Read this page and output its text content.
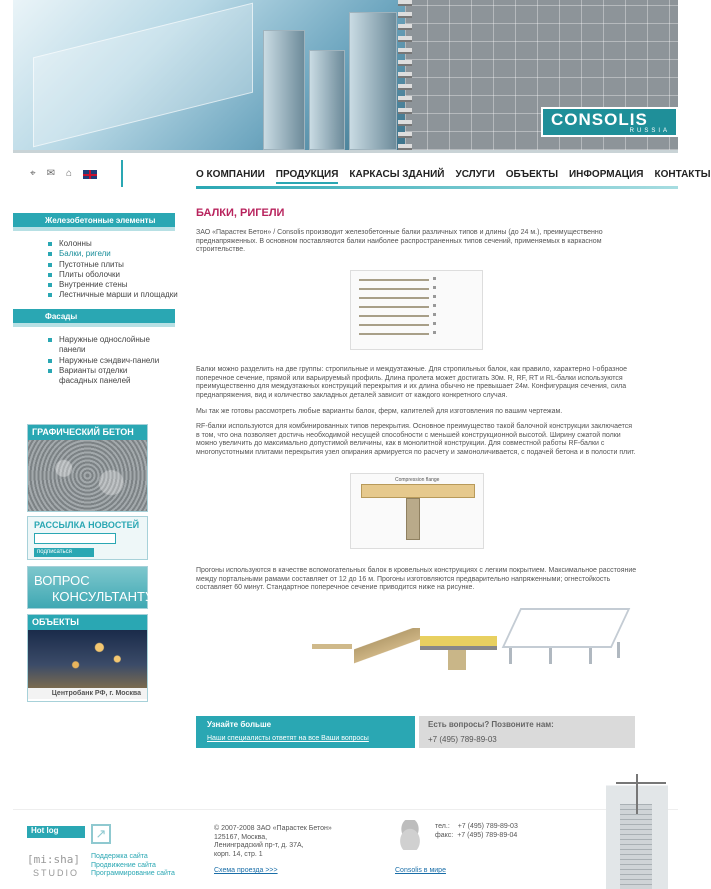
CONSOLIS
RUSSIA
⌖ ✉ ⌂	О КОМПАНИИ ПРОДУКЦИЯ КАРКАСЫ ЗДАНИЙ УСЛУГИ ОБЪЕКТЫ ИНФОРМАЦИЯ КОНТАКТЫ
Железобетонные элементы
Колонны
Балки, ригели
Пустотные плиты
Плиты оболочки
Внутренние стены
Лестничные марши и площадки
Фасады
Наружные однослойные панели
Наружные сэндвич-панели
Варианты отделки фасадных панелей
ГРАФИЧЕСКИЙ БЕТОН
РАССЫЛКА НОВОСТЕЙ
подписаться
ВОПРОС
КОНСУЛЬТАНТУ
ОБЪЕКТЫ
Центробанк РФ, г. Москва
БАЛКИ, РИГЕЛИ
ЗАО «Парастек Бетон» / Consolis производит железобетонные балки различных типов и длины (до 24 м.), преимущественно преднапряженных. В основном поставляются балки наиболее распространенных типов сечений, применяемых в каркасном строительстве.
Балки можно разделить на две группы: стропильные и междуэтажные. Для стропильных балок, как правило, характерно I-образное поперечное сечение, прямой или варьируемый профиль. Длина пролета может достигать 30м. R, RF, RT и RL-балки используются преимущественно для междуэтажных конструкций перекрытия и их длина обычно не превышает 24м. Конфигурация сечения, сила преднапряжения, вид и количество закладных деталей зависит от каждого конкретного случая.
Мы так же готовы рассмотреть любые варианты балок, ферм, капителей для изготовления по вашим чертежам.
RF-балки используются для комбинированных типов перекрытия. Основное преимущество такой балочной конструкции заключается в том, что она позволяет достичь необходимой несущей способности с меньшей конструкционной высотой. Ширину сжатой полки можно увеличить до максимально допустимой величины, как в монолитной конструкции. Для совместной работы RF-балки с многопустотными плитами перекрытия узел опирания армируется по расчету и замоноличивается, с подачей бетона и в полости плит.
Compression flange
Прогоны используются в качестве вспомогательных балок в кровельных конструкциях с легким покрытием. Максимальное расстояние между портальными рамами составляет от 12 до 16 м. Прогоны изготовляются предварительно напряженными; огнестойкость составляет 60 минут. Стандартное поперечное сечение приводится ниже на рисунке.
Узнайте больше
Наши специалисты ответят на все Ваши вопросы
Есть вопросы? Позвоните нам:
+7 (495) 789-89-03
Hot log	↗
[mi:sha]
STUDIO
Поддержка сайта
Продвижение сайта
Программирование сайта
© 2007-2008 ЗАО «Парастек Бетон»
125167, Москва,
Ленинградский пр-т, д. 37А,
корп. 14, стр. 1
Схема проезда >>>
тел.: +7 (495) 789-89-03
факс: +7 (495) 789-89-04
Consolis в мире
